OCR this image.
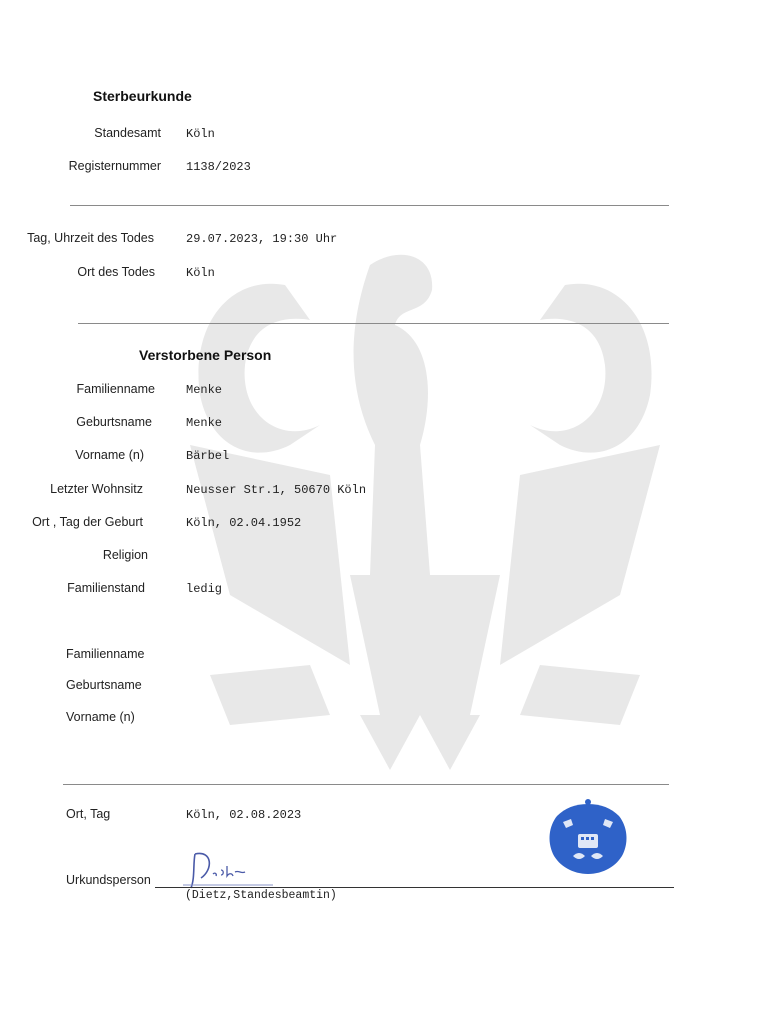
Sterbeurkunde
Standesamt Köln
Registernummer 1138/2023
Tag, Uhrzeit des Todes	29.07.2023, 19:30 Uhr
Ort des Todes	Köln
Verstorbene Person
Familienname	Menke
Geburtsname	Menke
Vorname (n)	Bärbel
Letzter Wohnsitz	Neusser Str.1, 50670 Köln
Ort , Tag der Geburt	Köln, 02.04.1952
Religion
Familienstand	ledig
Familienname
Geburtsname
Vorname (n)
Ort, Tag	Köln, 02.08.2023
Urkundsperson
(Dietz,Standesbeamtin)
